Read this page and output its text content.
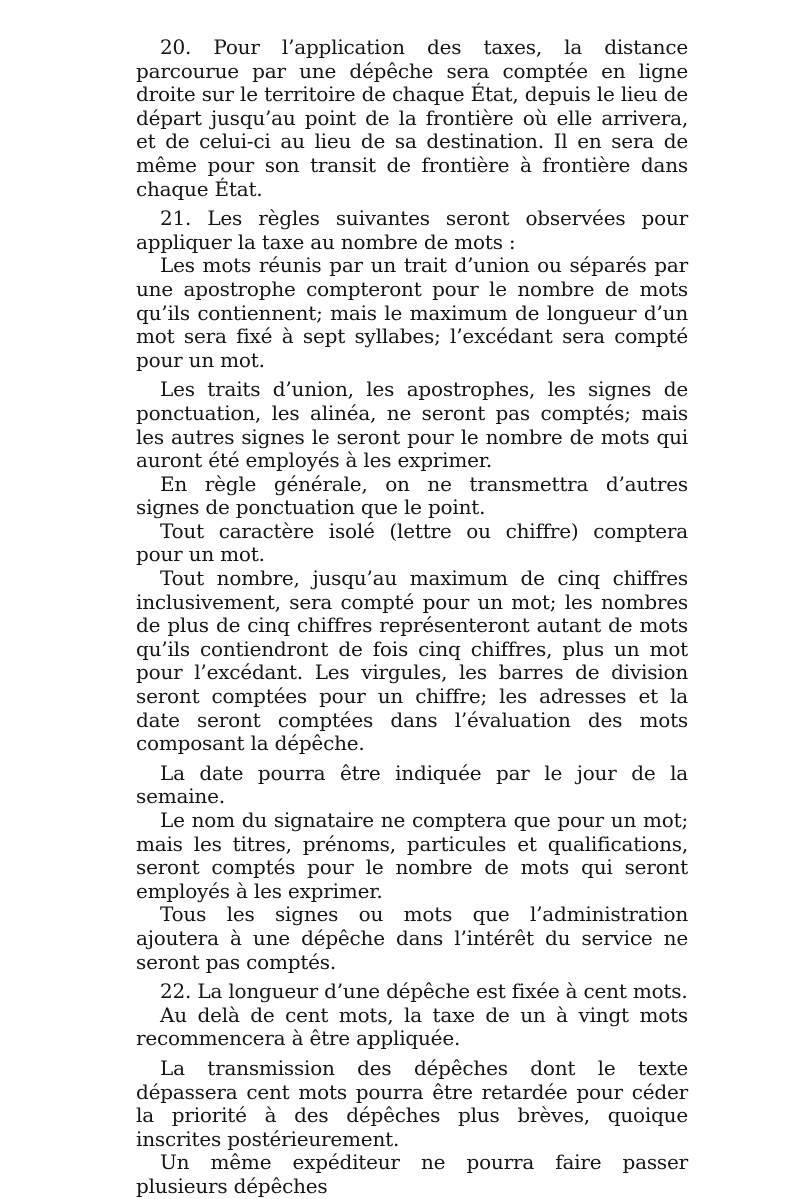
20. Pour l’application des taxes, la distance parcourue par une dépêche sera comptée en ligne droite sur le territoire de chaque État, depuis le lieu de départ jusqu’au point de la frontière où elle arrivera, et de celui-ci au lieu de sa destination. Il en sera de même pour son transit de frontière à frontière dans chaque État.

21. Les règles suivantes seront observées pour appliquer la taxe au nombre de mots :

Les mots réunis par un trait d’union ou séparés par une apostrophe compteront pour le nombre de mots qu’ils contiennent; mais le maximum de longueur d’un mot sera fixé à sept syllabes; l’excédant sera compté pour un mot.

Les traits d’union, les apostrophes, les signes de ponctuation, les alinéa, ne seront pas comptés; mais les autres signes le seront pour le nombre de mots qui auront été employés à les exprimer.

En règle générale, on ne transmettra d’autres signes de ponctuation que le point.

Tout caractère isolé (lettre ou chiffre) comptera pour un mot.

Tout nombre, jusqu’au maximum de cinq chiffres inclusivement, sera compté pour un mot; les nombres de plus de cinq chiffres représenteront autant de mots qu’ils contiendront de fois cinq chiffres, plus un mot pour l’excédant. Les virgules, les barres de division seront comptées pour un chiffre; les adresses et la date seront comptées dans l’évaluation des mots composant la dépêche.

La date pourra être indiquée par le jour de la semaine.

Le nom du signataire ne comptera que pour un mot; mais les titres, prénoms, particules et qualifications, seront comptés pour le nombre de mots qui seront employés à les exprimer.

Tous les signes ou mots que l’administration ajoutera à une dépêche dans l’intérêt du service ne seront pas comptés.

22. La longueur d’une dépêche est fixée à cent mots.

Au delà de cent mots, la taxe de un à vingt mots recommencera à être appliquée.

La transmission des dépêches dont le texte dépassera cent mots pourra être retardée pour céder la priorité à des dépêches plus brèves, quoique inscrites postérieurement.

Un même expéditeur ne pourra faire passer plusieurs dépêches
